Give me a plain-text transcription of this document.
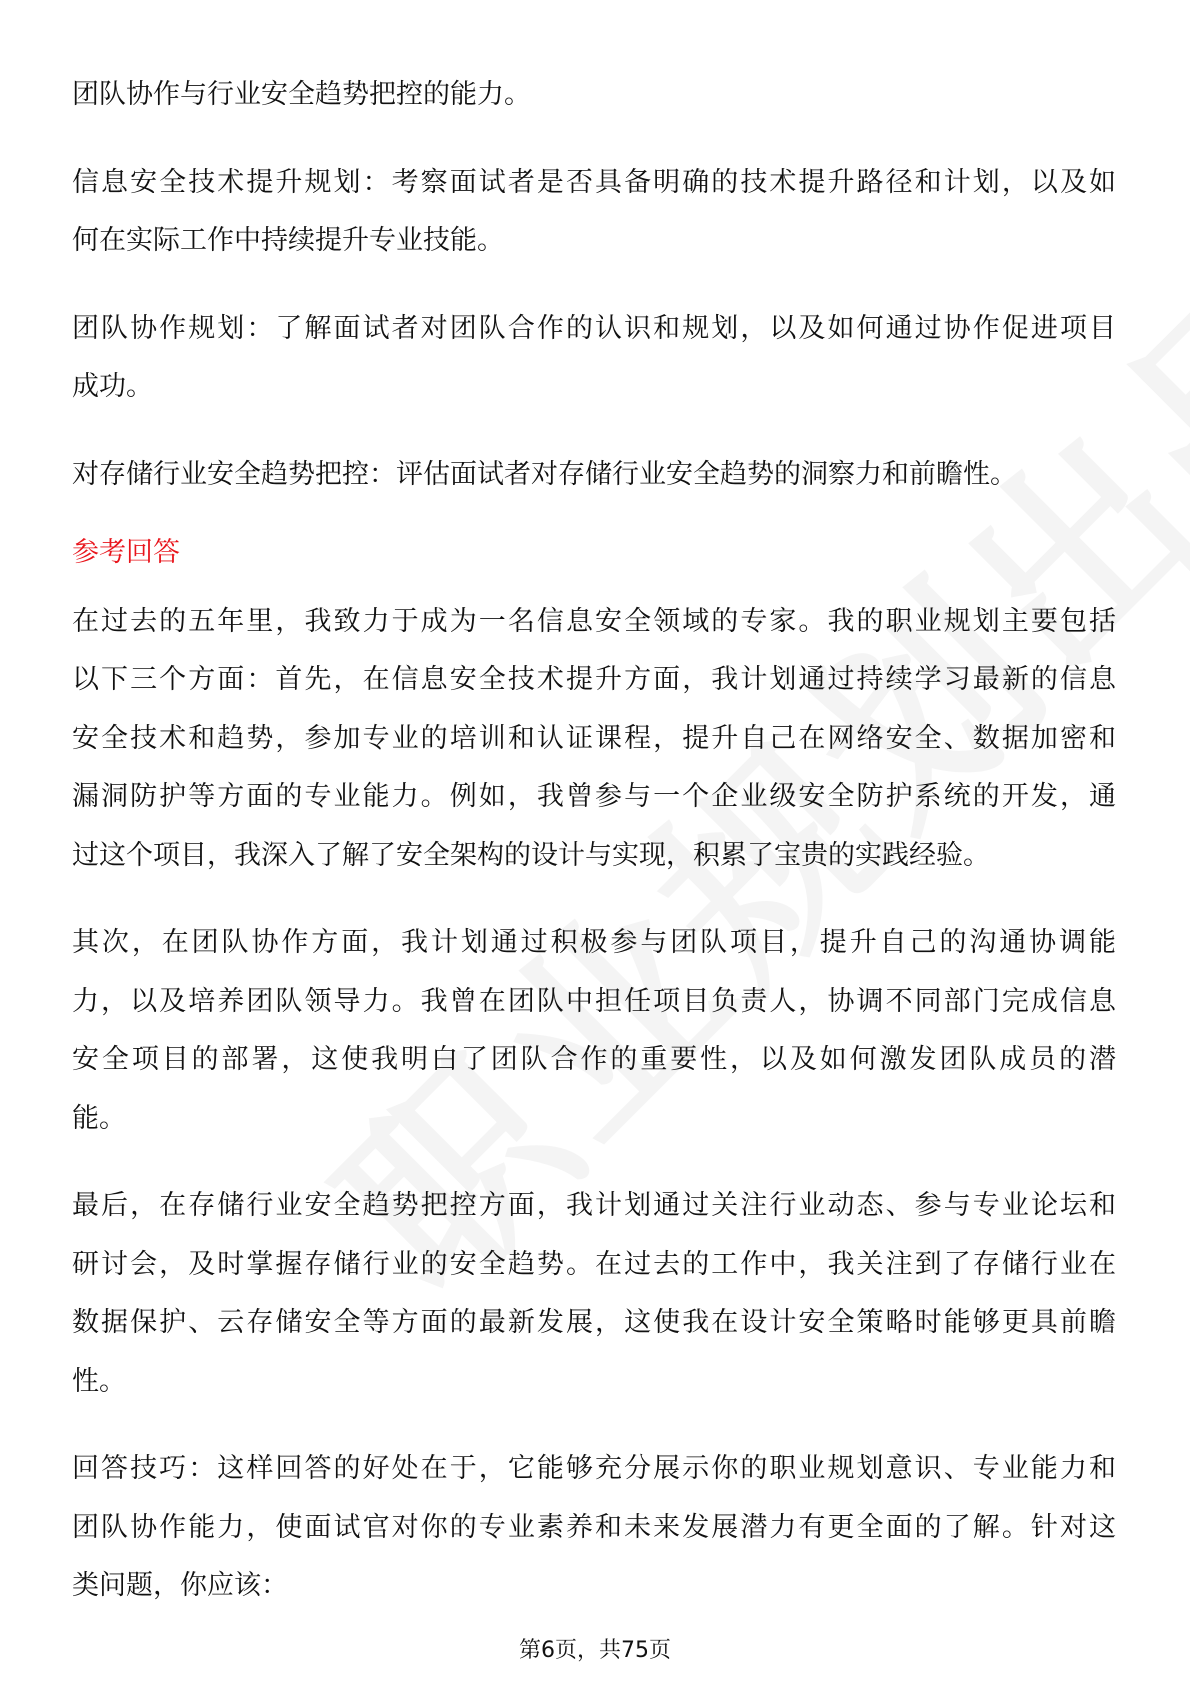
团队协作与行业安全趋势把控的能力。
信息安全技术提升规划：考察面试者是否具备明确的技术提升路径和计划，以及如
何在实际工作中持续提升专业技能。
团队协作规划：了解面试者对团队合作的认识和规划，以及如何通过协作促进项目
成功。
对存储行业安全趋势把控：评估面试者对存储行业安全趋势的洞察力和前瞻性。
参考回答
在过去的五年里，我致力于成为一名信息安全领域的专家。我的职业规划主要包括
以下三个方面：首先，在信息安全技术提升方面，我计划通过持续学习最新的信息
安全技术和趋势，参加专业的培训和认证课程，提升自己在网络安全、数据加密和
漏洞防护等方面的专业能力。例如，我曾参与一个企业级安全防护系统的开发，通
过这个项目，我深入了解了安全架构的设计与实现，积累了宝贵的实践经验。
其次，在团队协作方面，我计划通过积极参与团队项目，提升自己的沟通协调能
力，以及培养团队领导力。我曾在团队中担任项目负责人，协调不同部门完成信息
安全项目的部署，这使我明白了团队合作的重要性，以及如何激发团队成员的潜
能。
最后，在存储行业安全趋势把控方面，我计划通过关注行业动态、参与专业论坛和
研讨会，及时掌握存储行业的安全趋势。在过去的工作中，我关注到了存储行业在
数据保护、云存储安全等方面的最新发展，这使我在设计安全策略时能够更具前瞻
性。
回答技巧：这样回答的好处在于，它能够充分展示你的职业规划意识、专业能力和
团队协作能力，使面试官对你的专业素养和未来发展潜力有更全面的了解。针对这
类问题，你应该：
第6页，共75页
